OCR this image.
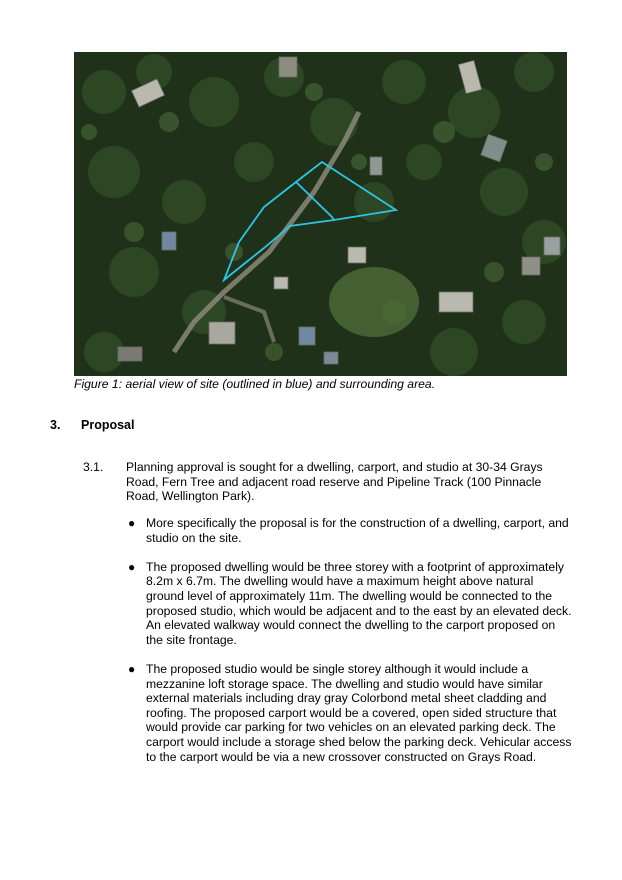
Figure 1: aerial view of site (outlined in blue) and surrounding area.
3. Proposal
3.1. Planning approval is sought for a dwelling, carport, and studio at 30-34 Grays Road, Fern Tree and adjacent road reserve and Pipeline Track (100 Pinnacle Road, Wellington Park).
● More specifically the proposal is for the construction of a dwelling, carport, and studio on the site.
● The proposed dwelling would be three storey with a footprint of approximately 8.2m x 6.7m. The dwelling would have a maximum height above natural ground level of approximately 11m. The dwelling would be connected to the proposed studio, which would be adjacent and to the east by an elevated deck. An elevated walkway would connect the dwelling to the carport proposed on the site frontage.
● The proposed studio would be single storey although it would include a mezzanine loft storage space. The dwelling and studio would have similar external materials including dray gray Colorbond metal sheet cladding and roofing. The proposed carport would be a covered, open sided structure that would provide car parking for two vehicles on an elevated parking deck. The carport would include a storage shed below the parking deck. Vehicular access to the carport would be via a new crossover constructed on Grays Road.
